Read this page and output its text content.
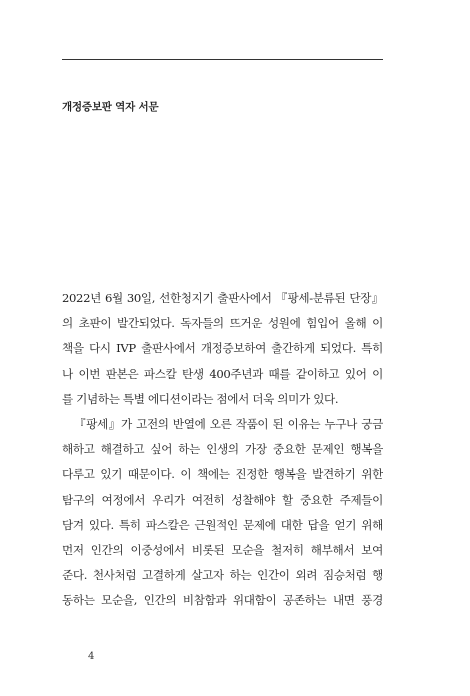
개정증보판 역자 서문
2022년 6월 30일, 선한청지기 출판사에서 『팡세-분류된 단장』
의 초판이 발간되었다. 독자들의 뜨거운 성원에 힘입어 올해 이
책을 다시 IVP 출판사에서 개정증보하여 출간하게 되었다. 특히
나 이번 판본은 파스칼 탄생 400주년과 때를 같이하고 있어 이
를 기념하는 특별 에디션이라는 점에서 더욱 의미가 있다.
『팡세』가 고전의 반열에 오른 작품이 된 이유는 누구나 궁금
해하고 해결하고 싶어 하는 인생의 가장 중요한 문제인 행복을
다루고 있기 때문이다. 이 책에는 진정한 행복을 발견하기 위한
탐구의 여정에서 우리가 여전히 성찰해야 할 중요한 주제들이
담겨 있다. 특히 파스칼은 근원적인 문제에 대한 답을 얻기 위해
먼저 인간의 이중성에서 비롯된 모순을 철저히 해부해서 보여
준다. 천사처럼 고결하게 살고자 하는 인간이 외려 짐승처럼 행
동하는 모순을, 인간의 비참함과 위대함이 공존하는 내면 풍경
4
